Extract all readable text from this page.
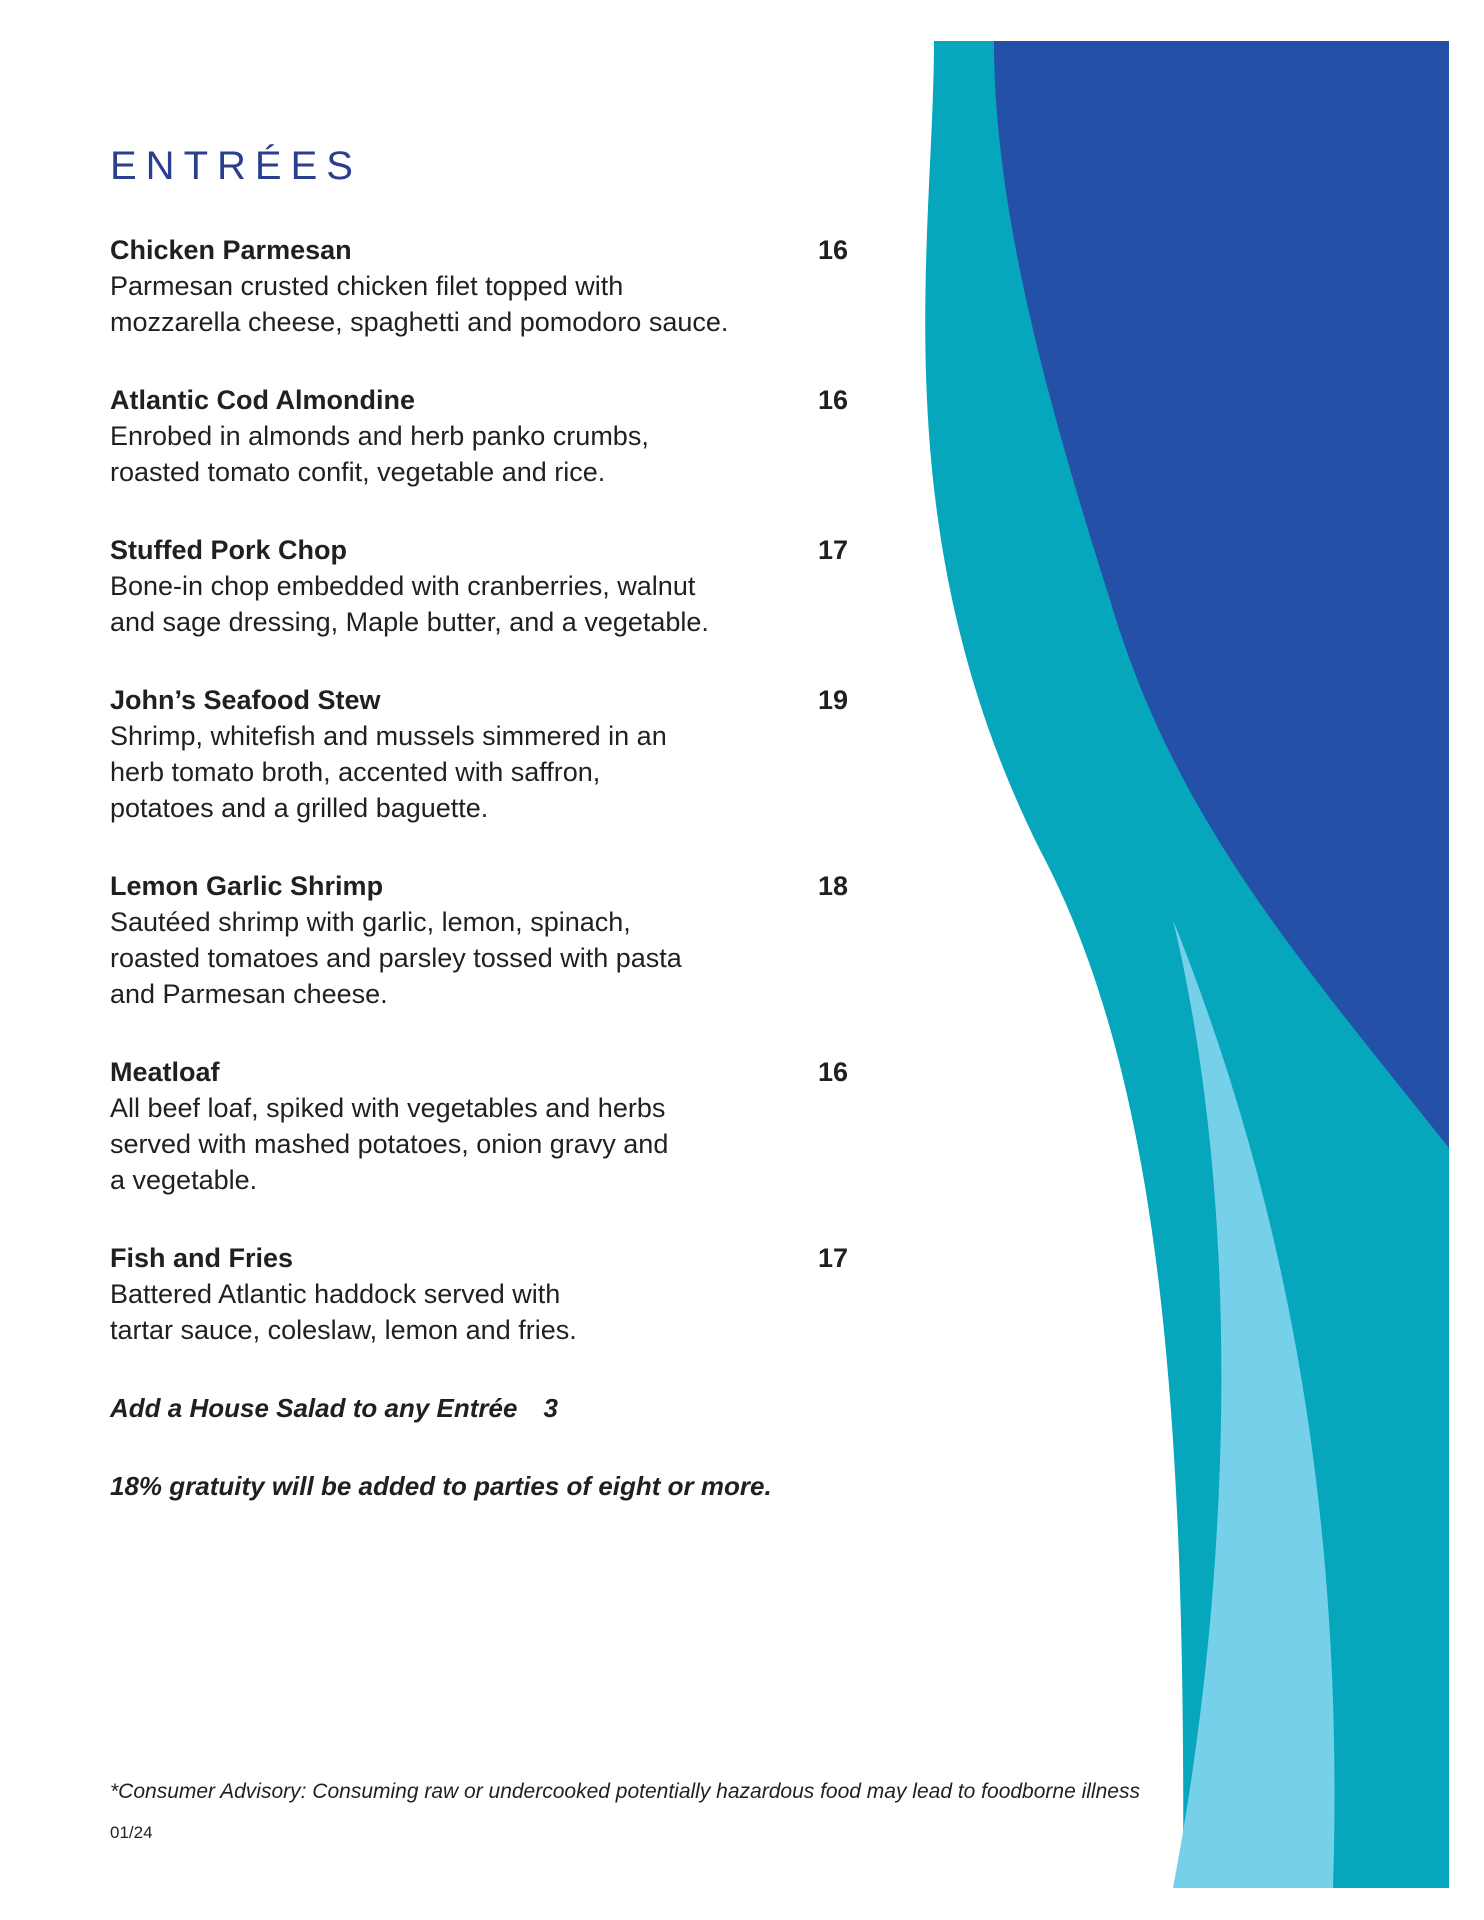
ENTRÉES
Chicken Parmesan	16
Parmesan crusted chicken filet topped with
mozzarella cheese, spaghetti and pomodoro sauce.
Atlantic Cod Almondine	16
Enrobed in almonds and herb panko crumbs,
roasted tomato confit, vegetable and rice.
Stuffed Pork Chop	17
Bone-in chop embedded with cranberries, walnut
and sage dressing, Maple butter, and a vegetable.
John’s Seafood Stew	19
Shrimp, whitefish and mussels simmered in an
herb tomato broth, accented with saffron,
potatoes and a grilled baguette.
Lemon Garlic Shrimp	18
Sautéed shrimp with garlic, lemon, spinach,
roasted tomatoes and parsley tossed with pasta
and Parmesan cheese.
Meatloaf	16
All beef loaf, spiked with vegetables and herbs
served with mashed potatoes, onion gravy and
a vegetable.
Fish and Fries	17
Battered Atlantic haddock served with
tartar sauce, coleslaw, lemon and fries.
Add a House Salad to any Entrée 3
18% gratuity will be added to parties of eight or more.
*Consumer Advisory: Consuming raw or undercooked potentially hazardous food may lead to foodborne illness
01/24
